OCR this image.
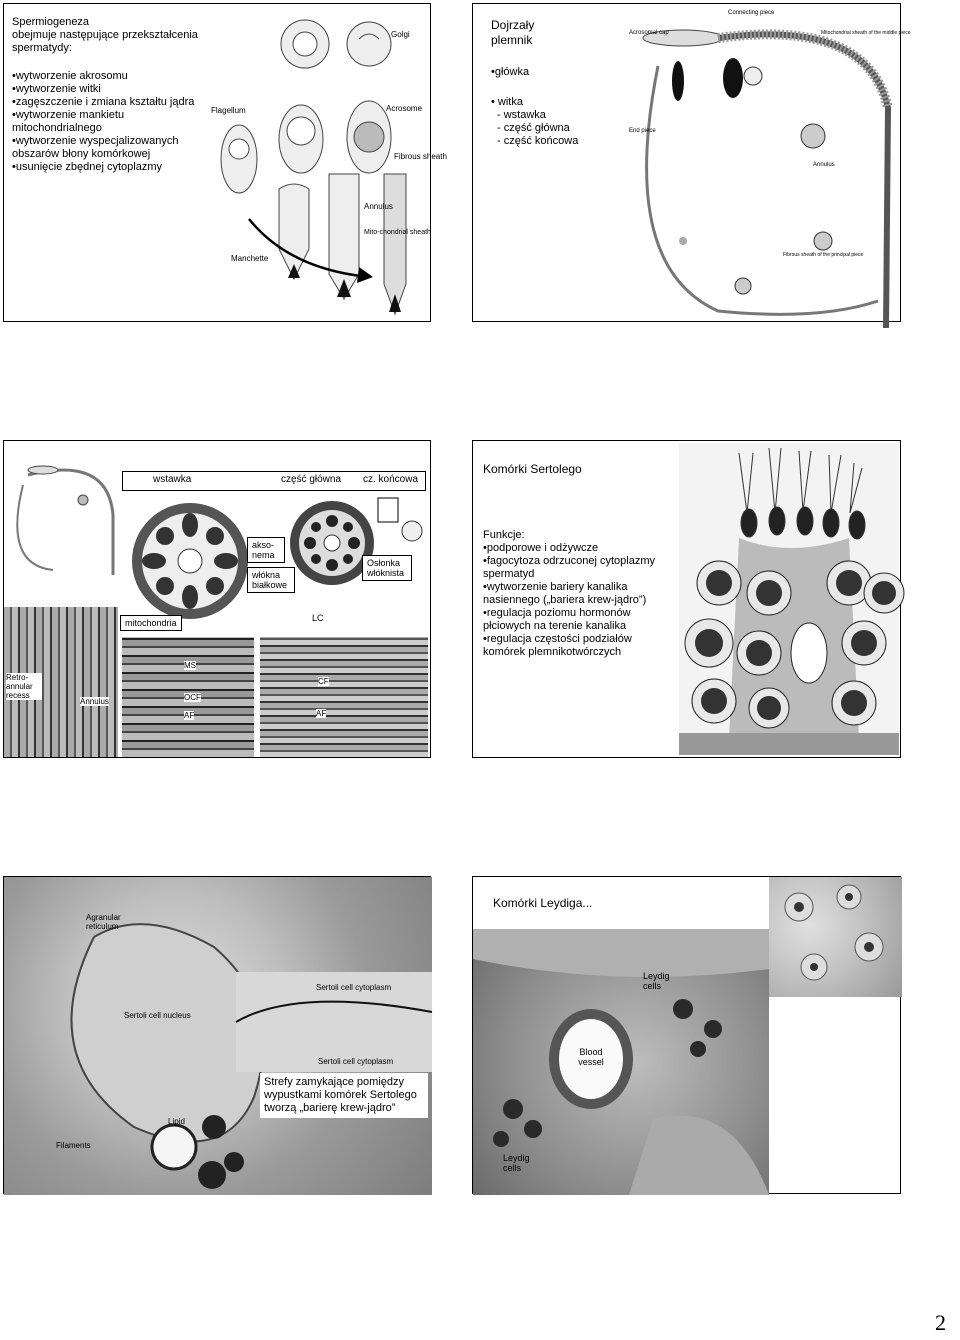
Spermiogeneza
obejmuje następujące przekształcenia spermatydy:
• wytworzenie akrosomu
• wytworzenie witki
• zagęszczenie i zmiana kształtu jądra
• wytworzenie mankietu mitochondrialnego
• wytworzenie wyspecjalizowanych obszarów błony komórkowej
• usunięcie zbędnej cytoplazmy
Golgi
Flagellum	Acrosome
Fibrous sheath
Annulus
Mito-chondrial sheath
Manchette
Dojrzały plemnik
• główka
• witka
- wstawka
- część główna
- część końcowa
Acrosomal cap
Connecting piece
Mitochondrial sheath of the middle piece
End piece
Annulus
Fibrous sheath of the principal piece
wstawka	część główna cz. końcowa
mitochondria
akso-nema
włókna białkowe
Osłonka włóknista
LC
Retro-annular recess
Annulus
MS
OCF
AF
CF
AF
Komórki Sertolego
Funkcje:
• podporowe i odżywcze
• fagocytoza odrzuconej cytoplazmy spermatyd
• wytworzenie bariery kanalika nasiennego („bariera krew-jądro”)
• regulacja poziomu hormonów płciowych na terenie kanalika
• regulacja częstości podziałów komórek plemnikotwórczych
Agranular reticulum
Sertoli cell nucleus
Sertoli cell cytoplasm
Sertoli cell cytoplasm
Lipid
Filaments
Strefy zamykające pomiędzy wypustkami komórek Sertolego tworzą „barierę krew-jądro”
Komórki Leydiga...
Leydig cells
Blood vessel
Leydig cells
2
